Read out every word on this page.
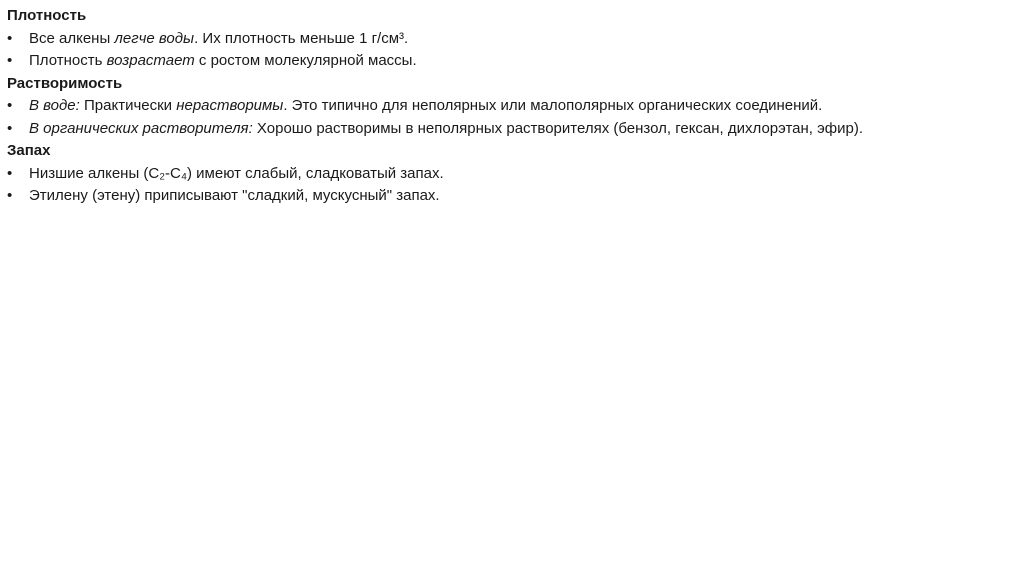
Плотность
•	Все алкены легче воды. Их плотность меньше 1 г/см³.
•	Плотность возрастает с ростом молекулярной массы.
Растворимость
•	В воде: Практически нерастворимы. Это типично для неполярных или малополярных органических соединений.
•	В органических растворителя: Хорошо растворимы в неполярных растворителях (бензол, гексан, дихлорэтан, эфир).
Запах
•	Низшие алкены (C₂-C₄) имеют слабый, сладковатый запах.
•	Этилену (этену) приписывают "сладкий, мускусный" запах.
